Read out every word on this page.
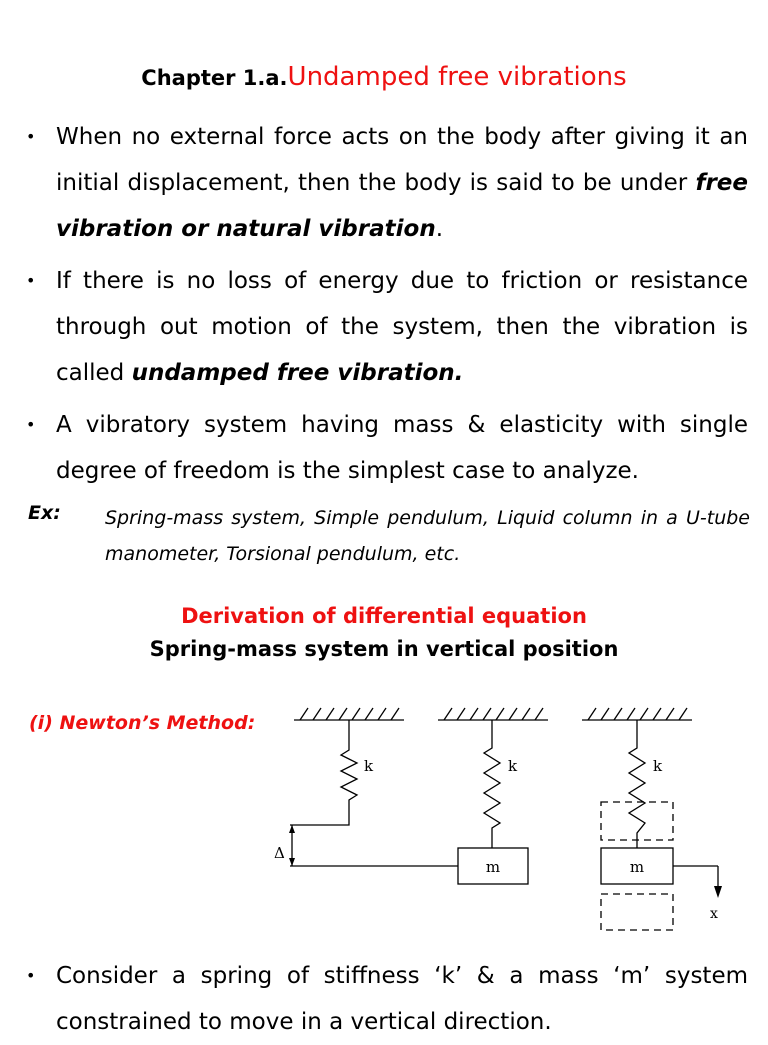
Chapter 1.a.Undamped free vibrations
• When no external force acts on the body after giving it an initial displacement, then the body is said to be under free vibration or natural vibration.
• If there is no loss of energy due to friction or resistance through out motion of the system, then the vibration is called undamped free vibration.
• A vibratory system having mass & elasticity with single degree of freedom is the simplest case to analyze.
Ex: Spring-mass system, Simple pendulum, Liquid column in a U-tube manometer, Torsional pendulum, etc.
Derivation of differential equation
Spring-mass system in vertical position
(i) Newton’s Method:
k	k	k
Δ
m	m
x
• Consider a spring of stiffness ‘k’ & a mass ‘m’ system constrained to move in a vertical direction.
